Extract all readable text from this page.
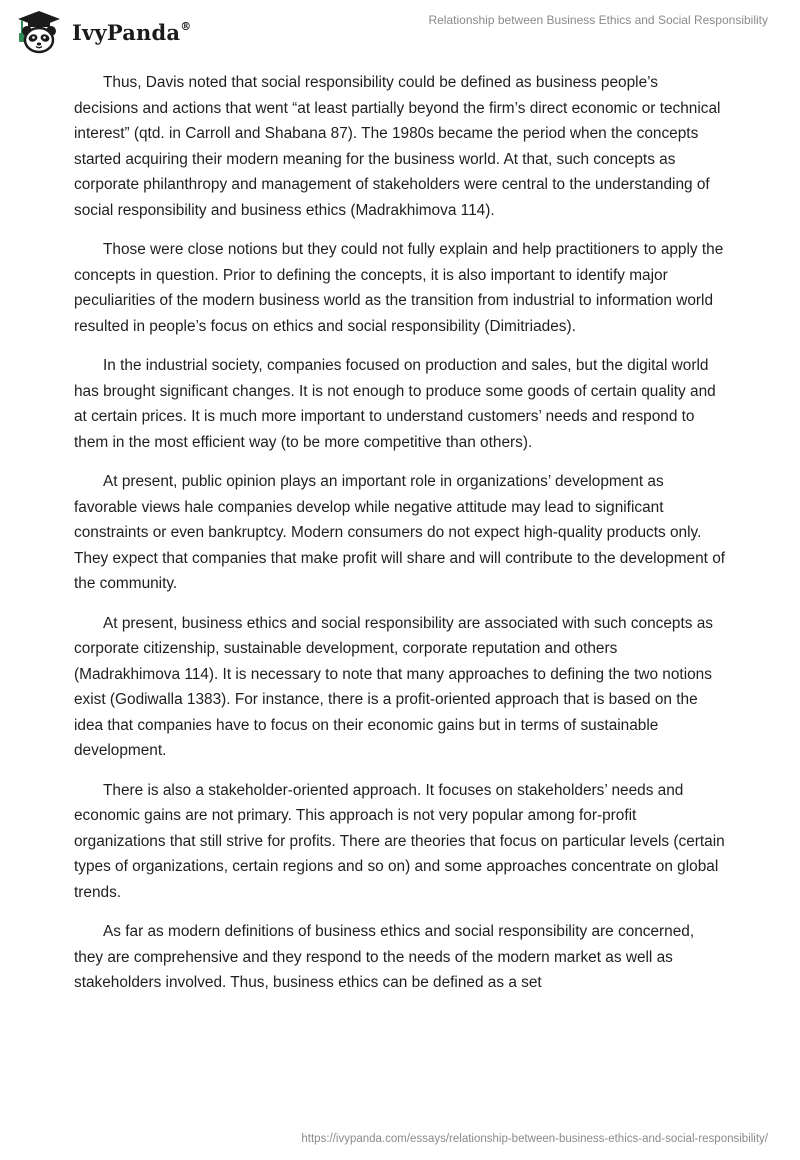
IvyPanda®	Relationship between Business Ethics and Social Responsibility

Thus, Davis noted that social responsibility could be defined as business people’s decisions and actions that went “at least partially beyond the firm’s direct economic or technical interest” (qtd. in Carroll and Shabana 87). The 1980s became the period when the concepts started acquiring their modern meaning for the business world. At that, such concepts as corporate philanthropy and management of stakeholders were central to the understanding of social responsibility and business ethics (Madrakhimova 114).

Those were close notions but they could not fully explain and help practitioners to apply the concepts in question. Prior to defining the concepts, it is also important to identify major peculiarities of the modern business world as the transition from industrial to information world resulted in people’s focus on ethics and social responsibility (Dimitriades).

In the industrial society, companies focused on production and sales, but the digital world has brought significant changes. It is not enough to produce some goods of certain quality and at certain prices. It is much more important to understand customers’ needs and respond to them in the most efficient way (to be more competitive than others).

At present, public opinion plays an important role in organizations’ development as favorable views hale companies develop while negative attitude may lead to significant constraints or even bankruptcy. Modern consumers do not expect high-quality products only. They expect that companies that make profit will share and will contribute to the development of the community.

At present, business ethics and social responsibility are associated with such concepts as corporate citizenship, sustainable development, corporate reputation and others (Madrakhimova 114). It is necessary to note that many approaches to defining the two notions exist (Godiwalla 1383). For instance, there is a profit-oriented approach that is based on the idea that companies have to focus on their economic gains but in terms of sustainable development.

There is also a stakeholder-oriented approach. It focuses on stakeholders’ needs and economic gains are not primary. This approach is not very popular among for-profit organizations that still strive for profits. There are theories that focus on particular levels (certain types of organizations, certain regions and so on) and some approaches concentrate on global trends.

As far as modern definitions of business ethics and social responsibility are concerned, they are comprehensive and they respond to the needs of the modern market as well as stakeholders involved. Thus, business ethics can be defined as a set

https://ivypanda.com/essays/relationship-between-business-ethics-and-social-responsibility/
